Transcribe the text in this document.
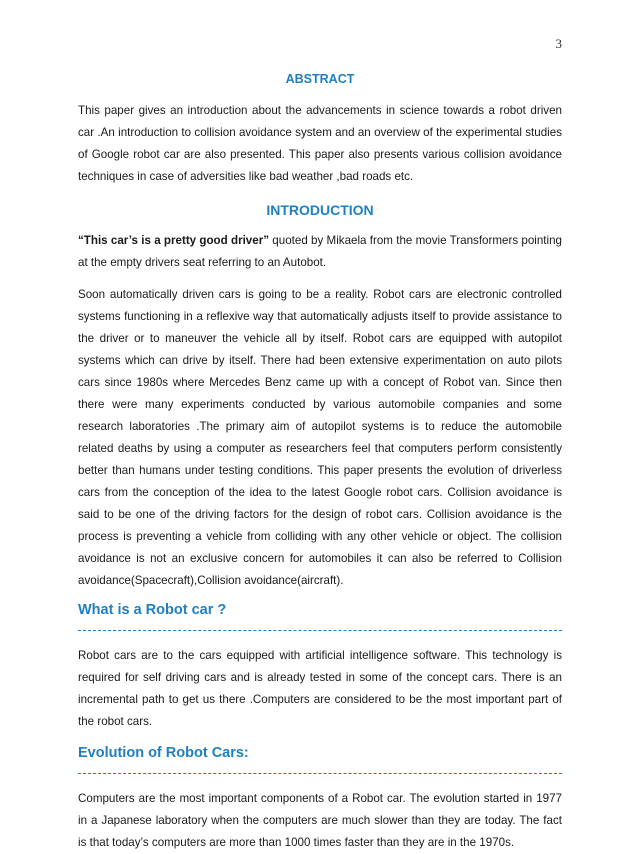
3
ABSTRACT

This paper gives an introduction about the advancements in science towards a robot driven car .An introduction to collision avoidance system and an overview of the experimental studies of Google robot car are also presented. This paper also presents various collision avoidance techniques in case of adversities like bad weather ,bad roads etc.

INTRODUCTION

“This car’s is a pretty good driver” quoted by Mikaela from the movie Transformers pointing at the empty drivers seat referring to an Autobot.

Soon automatically driven cars is going to be a reality. Robot cars are electronic controlled systems functioning in a reflexive way that automatically adjusts itself to provide assistance to the driver or to maneuver the vehicle all by itself. Robot cars are equipped with autopilot systems which can drive by itself. There had been extensive experimentation on auto pilots cars since 1980s where Mercedes Benz came up with a concept of Robot van. Since then there were many experiments conducted by various automobile companies and some research laboratories .The primary aim of autopilot systems is to reduce the automobile related deaths by using a computer as researchers feel that computers perform consistently better than humans under testing conditions. This paper presents the evolution of driverless cars from the conception of the idea to the latest Google robot cars. Collision avoidance is said to be one of the driving factors for the design of robot cars. Collision avoidance is the process is preventing a vehicle from colliding with any other vehicle or object. The collision avoidance is not an exclusive concern for automobiles it can also be referred to Collision avoidance(Spacecraft),Collision avoidance(aircraft).

What is a Robot car ?

Robot cars are to the cars equipped with artificial intelligence software. This technology is required for self driving cars and is already tested in some of the concept cars. There is an incremental path to get us there .Computers are considered to be the most important part of the robot cars.

Evolution of Robot Cars:

Computers are the most important components of a Robot car. The evolution started in 1977 in a Japanese laboratory when the computers are much slower than they are today. The fact is that today’s computers are more than 1000 times faster than they are in the 1970s.
